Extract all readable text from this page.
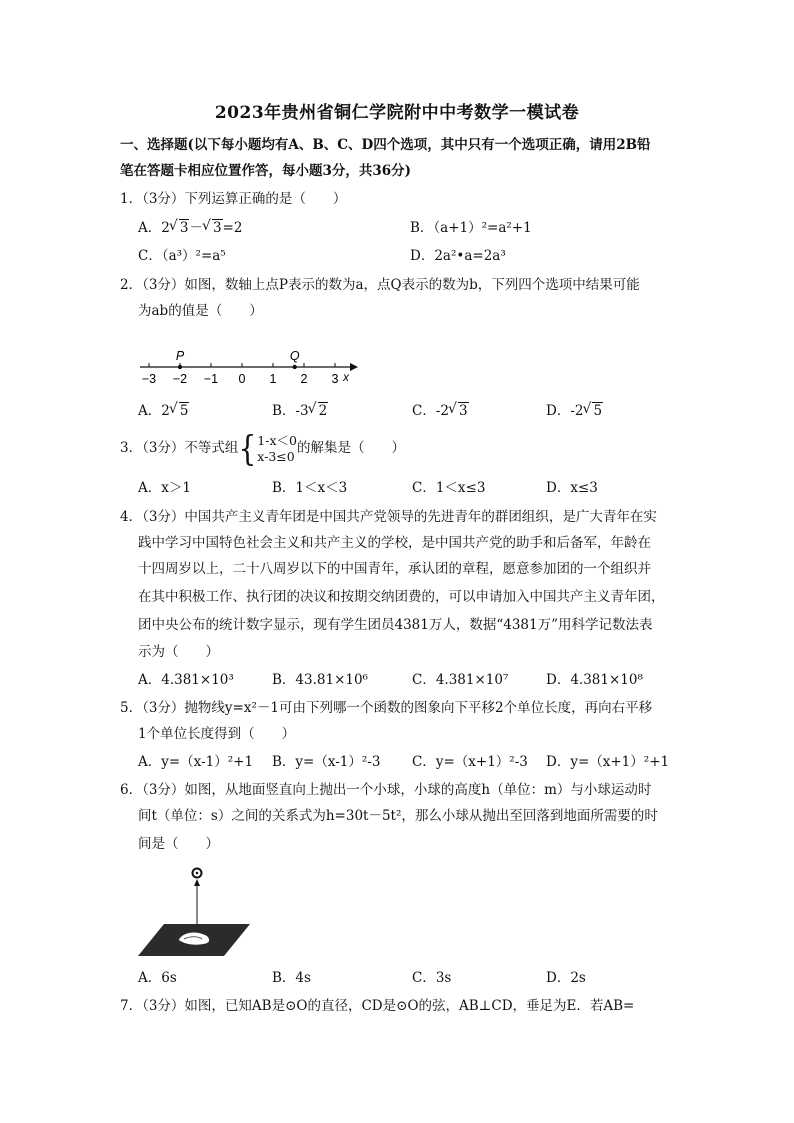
2023年贵州省铜仁学院附中中考数学一模试卷
一、选择题(以下每小题均有A、B、C、D四个选项，其中只有一个选项正确，请用2B铅
笔在答题卡相应位置作答，每小题3分，共36分)
1．（3分）下列运算正确的是（　　）
A．2 √ 3－ √ 3=2	B．（a+1）²=a²+1
C．（a³）²=a⁵	D．2a²•a=2a³
2．（3分）如图，数轴上点P表示的数为a，点Q表示的数为b，下列四个选项中结果可能
为ab的值是（　　）
−3 −2 −1 0 1 2 3
P	Q
x
A．2 √ 5	B．-3 √ 2	C．-2 √ 3	D．-2 √ 5
3．（3分）不等式组{1-x＜0
x-3≤0 的解集是（　　）
A．x＞1	B．1＜x＜3	C．1＜x≤3	D．x≤3
4．（3分）中国共产主义青年团是中国共产党领导的先进青年的群团组织，是广大青年在实
践中学习中国特色社会主义和共产主义的学校，是中国共产党的助手和后备军，年龄在
十四周岁以上，二十八周岁以下的中国青年，承认团的章程，愿意参加团的一个组织并
在其中积极工作、执行团的决议和按期交纳团费的，可以申请加入中国共产主义青年团，
团中央公布的统计数字显示，现有学生团员4381万人，数据“4381万”用科学记数法表
示为（　　）
A．4.381×10³	B．43.81×10⁶	C．4.381×10⁷	D．4.381×10⁸
5．（3分）抛物线y=x²－1可由下列哪一个函数的图象向下平移2个单位长度，再向右平移
1个单位长度得到（　　）
A．y=（x-1）²+1 B．y=（x-1）²-3 C．y=（x+1）²-3 D．y=（x+1）²+1
6．（3分）如图，从地面竖直向上抛出一个小球，小球的高度h（单位：m）与小球运动时
间t（单位：s）之间的关系式为h=30t－5t²，那么小球从抛出至回落到地面所需要的时
间是（　　）
A．6s	B．4s	C．3s	D．2s
7．（3分）如图，已知AB是⊙O的直径，CD是⊙O的弦，AB⊥CD，垂足为E．若AB=
